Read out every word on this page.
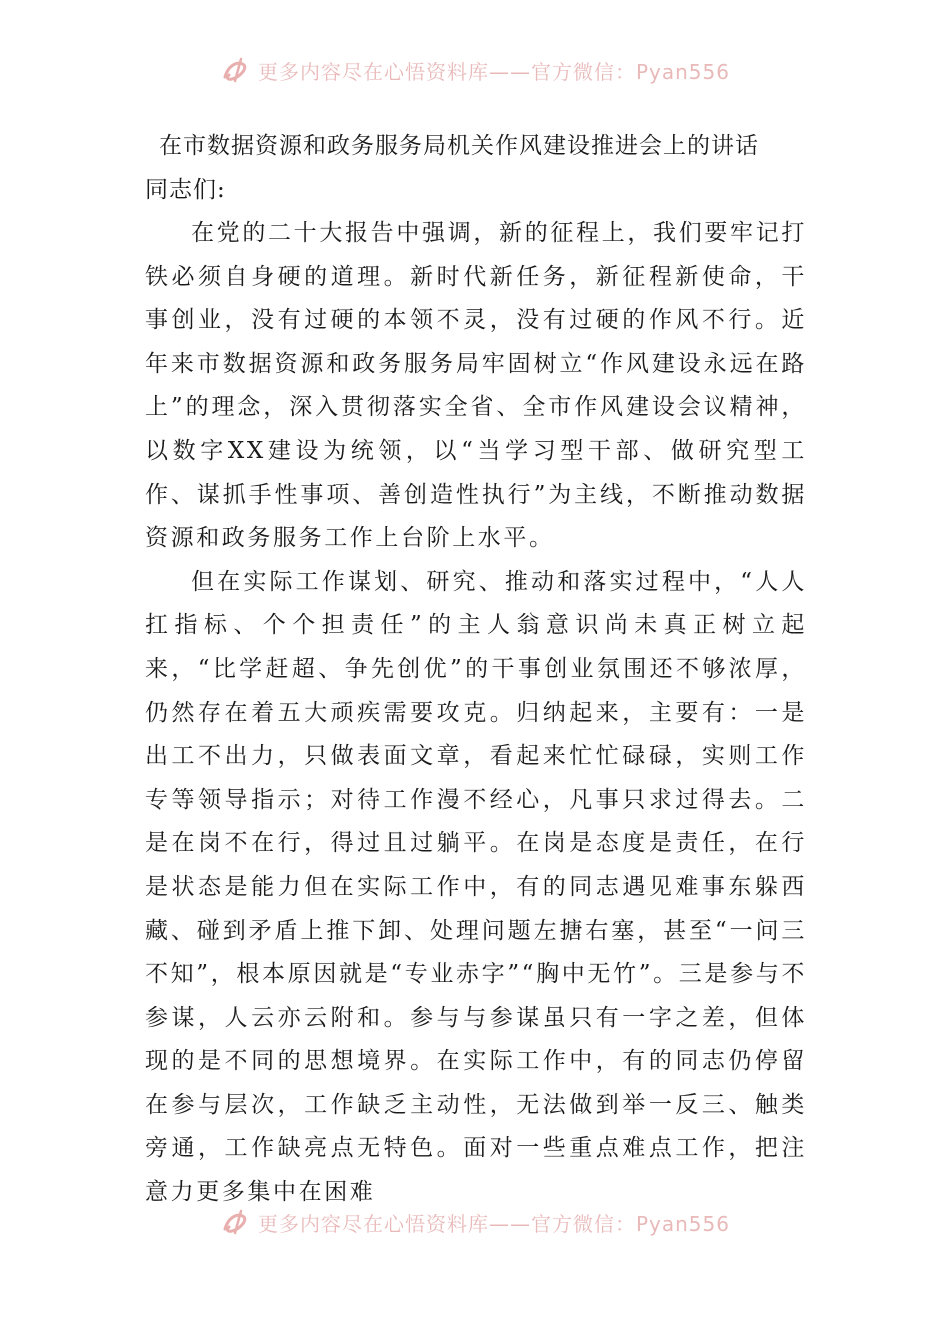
更多内容尽在心悟资料库——官方微信：Pyan556
在市数据资源和政务服务局机关作风建设推进会上的讲话

同志们:

在党的二十大报告中强调，新的征程上，我们要牢记打铁必须自身硬的道理。新时代新任务，新征程新使命，干事创业，没有过硬的本领不灵，没有过硬的作风不行。近年来市数据资源和政务服务局牢固树立“作风建设永远在路上”的理念，深入贯彻落实全省、全市作风建设会议精神，以数字XX建设为统领，以“当学习型干部、做研究型工作、谋抓手性事项、善创造性执行”为主线，不断推动数据资源和政务服务工作上台阶上水平。

但在实际工作谋划、研究、推动和落实过程中，“人人扛指标、个个担责任”的主人翁意识尚未真正树立起来，“比学赶超、争先创优”的干事创业氛围还不够浓厚，仍然存在着五大顽疾需要攻克。归纳起来，主要有：一是出工不出力，只做表面文章，看起来忙忙碌碌，实则工作专等领导指示；对待工作漫不经心，凡事只求过得去。二是在岗不在行，得过且过躺平。在岗是态度是责任，在行是状态是能力但在实际工作中，有的同志遇见难事东躲西藏、碰到矛盾上推下卸、处理问题左搪右塞，甚至“一问三不知”，根本原因就是“专业赤字”“胸中无竹”。三是参与不参谋，人云亦云附和。参与与参谋虽只有一字之差，但体现的是不同的思想境界。在实际工作中，有的同志仍停留在参与层次，工作缺乏主动性，无法做到举一反三、触类旁通，工作缺亮点无特色。面对一些重点难点工作，把注意力更多集中在困难

更多内容尽在心悟资料库——官方微信：Pyan556
